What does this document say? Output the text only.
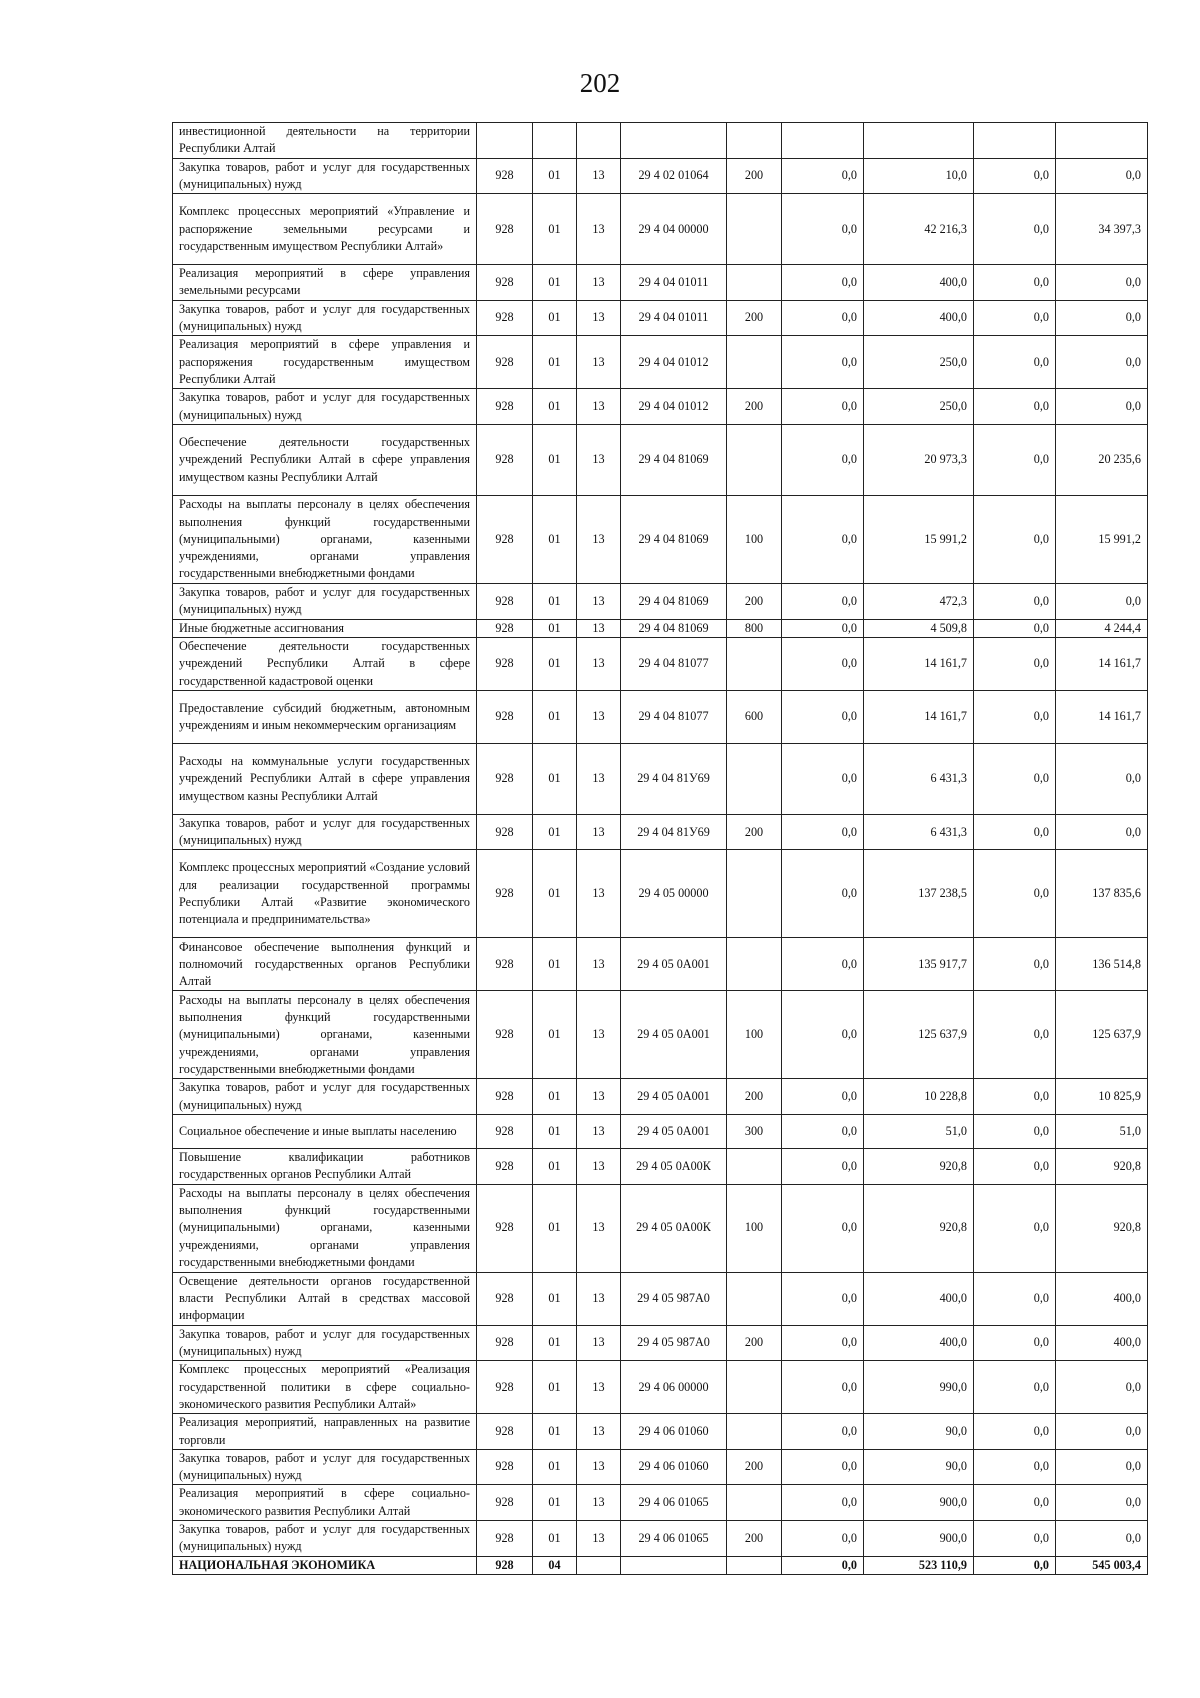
202
инвестиционной деятельности на территории Республики Алтай									
Закупка товаров, работ и услуг для государственных (муниципальных) нужд	928	01	13	29 4 02 01064	200	0,0	10,0	0,0	0,0
Комплекс процессных мероприятий «Управление и распоряжение земельными ресурсами и государственным имуществом Республики Алтай»	928	01	13	29 4 04 00000		0,0	42 216,3	0,0	34 397,3
Реализация мероприятий в сфере управления земельными ресурсами	928	01	13	29 4 04 01011		0,0	400,0	0,0	0,0
Закупка товаров, работ и услуг для государственных (муниципальных) нужд	928	01	13	29 4 04 01011	200	0,0	400,0	0,0	0,0
Реализация мероприятий в сфере управления и распоряжения государственным имуществом Республики Алтай	928	01	13	29 4 04 01012		0,0	250,0	0,0	0,0
Закупка товаров, работ и услуг для государственных (муниципальных) нужд	928	01	13	29 4 04 01012	200	0,0	250,0	0,0	0,0
Обеспечение деятельности государственных учреждений Республики Алтай в сфере управления имуществом казны Республики Алтай	928	01	13	29 4 04 81069		0,0	20 973,3	0,0	20 235,6
Расходы на выплаты персоналу в целях обеспечения выполнения функций государственными (муниципальными) органами, казенными учреждениями, органами управления государственными внебюджетными фондами	928	01	13	29 4 04 81069	100	0,0	15 991,2	0,0	15 991,2
Закупка товаров, работ и услуг для государственных (муниципальных) нужд	928	01	13	29 4 04 81069	200	0,0	472,3	0,0	0,0
Иные бюджетные ассигнования	928	01	13	29 4 04 81069	800	0,0	4 509,8	0,0	4 244,4
Обеспечение деятельности государственных учреждений Республики Алтай в сфере государственной кадастровой оценки	928	01	13	29 4 04 81077		0,0	14 161,7	0,0	14 161,7
Предоставление субсидий бюджетным, автономным учреждениям и иным некоммерческим организациям	928	01	13	29 4 04 81077	600	0,0	14 161,7	0,0	14 161,7
Расходы на коммунальные услуги государственных учреждений Республики Алтай в сфере управления имуществом казны Республики Алтай	928	01	13	29 4 04 81У69		0,0	6 431,3	0,0	0,0
Закупка товаров, работ и услуг для государственных (муниципальных) нужд	928	01	13	29 4 04 81У69	200	0,0	6 431,3	0,0	0,0
Комплекс процессных мероприятий «Создание условий для реализации государственной программы Республики Алтай «Развитие экономического потенциала и предпринимательства»	928	01	13	29 4 05 00000		0,0	137 238,5	0,0	137 835,6
Финансовое обеспечение выполнения функций и полномочий государственных органов Республики Алтай	928	01	13	29 4 05 0А001		0,0	135 917,7	0,0	136 514,8
Расходы на выплаты персоналу в целях обеспечения выполнения функций государственными (муниципальными) органами, казенными учреждениями, органами управления государственными внебюджетными фондами	928	01	13	29 4 05 0А001	100	0,0	125 637,9	0,0	125 637,9
Закупка товаров, работ и услуг для государственных (муниципальных) нужд	928	01	13	29 4 05 0А001	200	0,0	10 228,8	0,0	10 825,9
Социальное обеспечение и иные выплаты населению	928	01	13	29 4 05 0А001	300	0,0	51,0	0,0	51,0
Повышение квалификации работников государственных органов Республики Алтай	928	01	13	29 4 05 0А00К		0,0	920,8	0,0	920,8
Расходы на выплаты персоналу в целях обеспечения выполнения функций государственными (муниципальными) органами, казенными учреждениями, органами управления государственными внебюджетными фондами	928	01	13	29 4 05 0А00К	100	0,0	920,8	0,0	920,8
Освещение деятельности органов государственной власти Республики Алтай в средствах массовой информации	928	01	13	29 4 05 987А0		0,0	400,0	0,0	400,0
Закупка товаров, работ и услуг для государственных (муниципальных) нужд	928	01	13	29 4 05 987А0	200	0,0	400,0	0,0	400,0
Комплекс процессных мероприятий «Реализация государственной политики в сфере социально-экономического развития Республики Алтай»	928	01	13	29 4 06 00000		0,0	990,0	0,0	0,0
Реализация мероприятий, направленных на развитие торговли	928	01	13	29 4 06 01060		0,0	90,0	0,0	0,0
Закупка товаров, работ и услуг для государственных (муниципальных) нужд	928	01	13	29 4 06 01060	200	0,0	90,0	0,0	0,0
Реализация мероприятий в сфере социально-экономического развития Республики Алтай	928	01	13	29 4 06 01065		0,0	900,0	0,0	0,0
Закупка товаров, работ и услуг для государственных (муниципальных) нужд	928	01	13	29 4 06 01065	200	0,0	900,0	0,0	0,0
НАЦИОНАЛЬНАЯ ЭКОНОМИКА	928	04				0,0	523 110,9	0,0	545 003,4
